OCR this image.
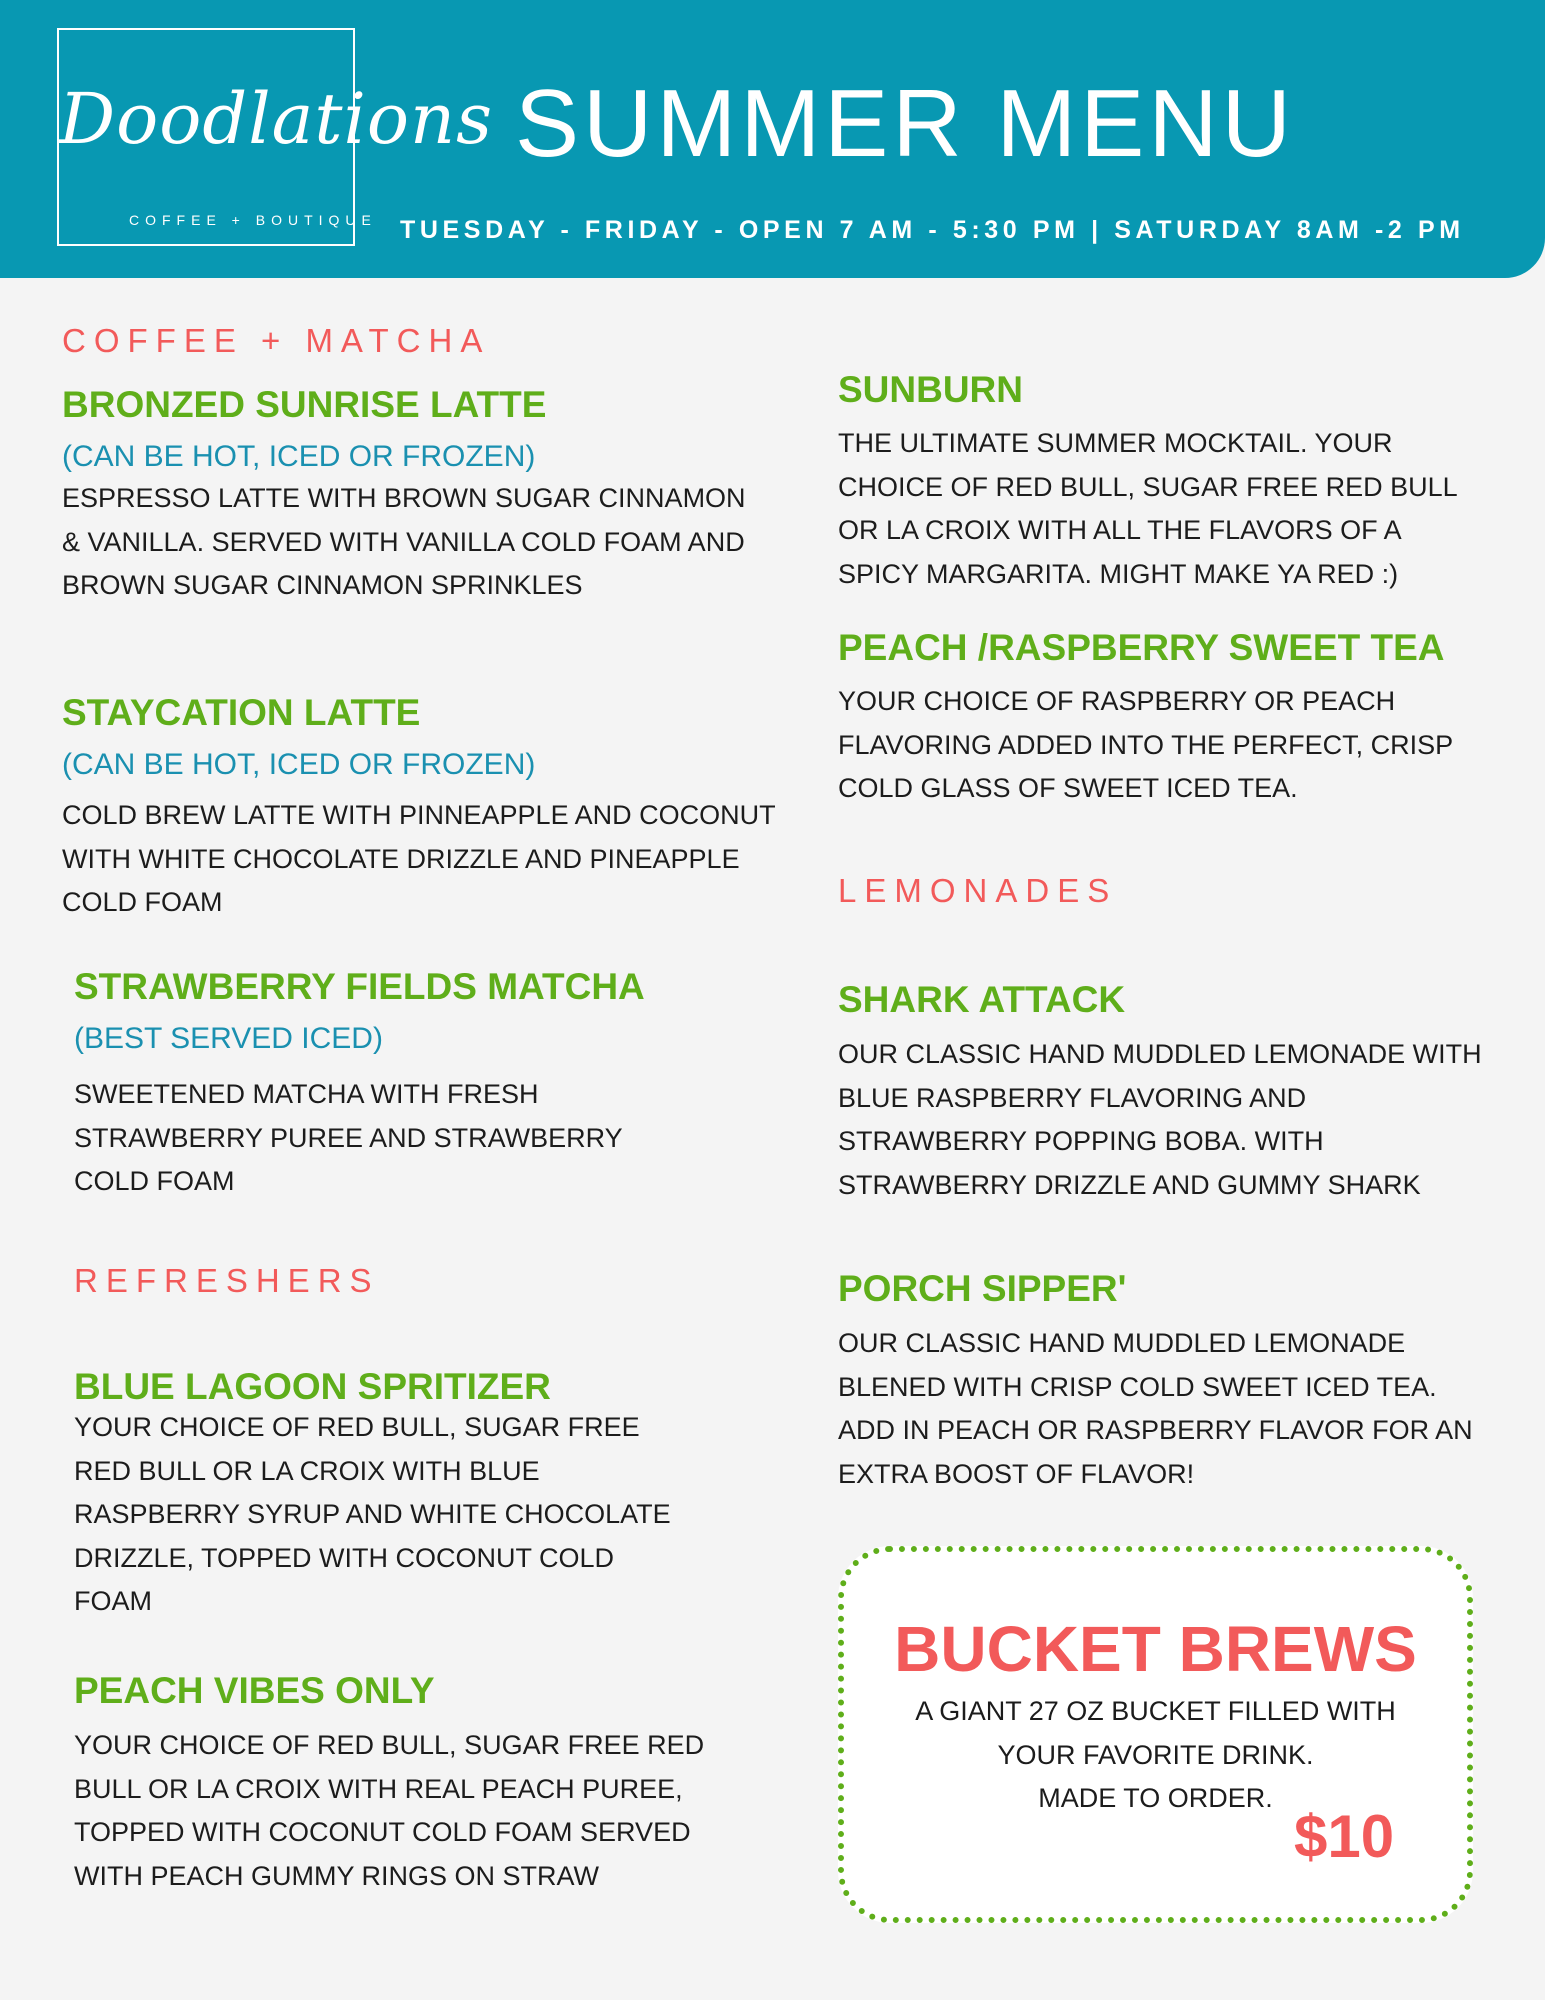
Doodlations
COFFEE + BOUTIQUE
SUMMER MENU
TUESDAY - FRIDAY - OPEN 7 AM - 5:30 PM | SATURDAY 8AM -2 PM
COFFEE + MATCHA
BRONZED SUNRISE LATTE
(CAN BE HOT, ICED OR FROZEN)
ESPRESSO LATTE WITH BROWN SUGAR CINNAMON & VANILLA. SERVED WITH VANILLA COLD FOAM AND BROWN SUGAR CINNAMON SPRINKLES
STAYCATION LATTE
(CAN BE HOT, ICED OR FROZEN)
COLD BREW LATTE WITH PINNEAPPLE AND COCONUT WITH WHITE CHOCOLATE DRIZZLE AND PINEAPPLE COLD FOAM
STRAWBERRY FIELDS MATCHA
(BEST SERVED ICED)
SWEETENED MATCHA WITH FRESH STRAWBERRY PUREE AND STRAWBERRY COLD FOAM
REFRESHERS
BLUE LAGOON SPRITIZER
YOUR CHOICE OF RED BULL, SUGAR FREE RED BULL OR LA CROIX WITH BLUE RASPBERRY SYRUP AND WHITE CHOCOLATE DRIZZLE, TOPPED WITH COCONUT COLD FOAM
PEACH VIBES ONLY
YOUR CHOICE OF RED BULL, SUGAR FREE RED BULL OR LA CROIX WITH REAL PEACH PUREE, TOPPED WITH COCONUT COLD FOAM SERVED WITH PEACH GUMMY RINGS ON STRAW
SUNBURN
THE ULTIMATE SUMMER MOCKTAIL. YOUR CHOICE OF RED BULL, SUGAR FREE RED BULL OR LA CROIX WITH ALL THE FLAVORS OF A SPICY MARGARITA. MIGHT MAKE YA RED :)
PEACH /RASPBERRY SWEET TEA
YOUR CHOICE OF RASPBERRY OR PEACH FLAVORING ADDED INTO THE PERFECT, CRISP COLD GLASS OF SWEET ICED TEA.
LEMONADES
SHARK ATTACK
OUR CLASSIC HAND MUDDLED LEMONADE WITH BLUE RASPBERRY FLAVORING AND STRAWBERRY POPPING BOBA. WITH STRAWBERRY DRIZZLE AND GUMMY SHARK
PORCH SIPPER'
OUR CLASSIC HAND MUDDLED LEMONADE BLENED WITH CRISP COLD SWEET ICED TEA. ADD IN PEACH OR RASPBERRY FLAVOR FOR AN EXTRA BOOST OF FLAVOR!
BUCKET BREWS
A GIANT 27 OZ BUCKET FILLED WITH
YOUR FAVORITE DRINK.
MADE TO ORDER.
$10
